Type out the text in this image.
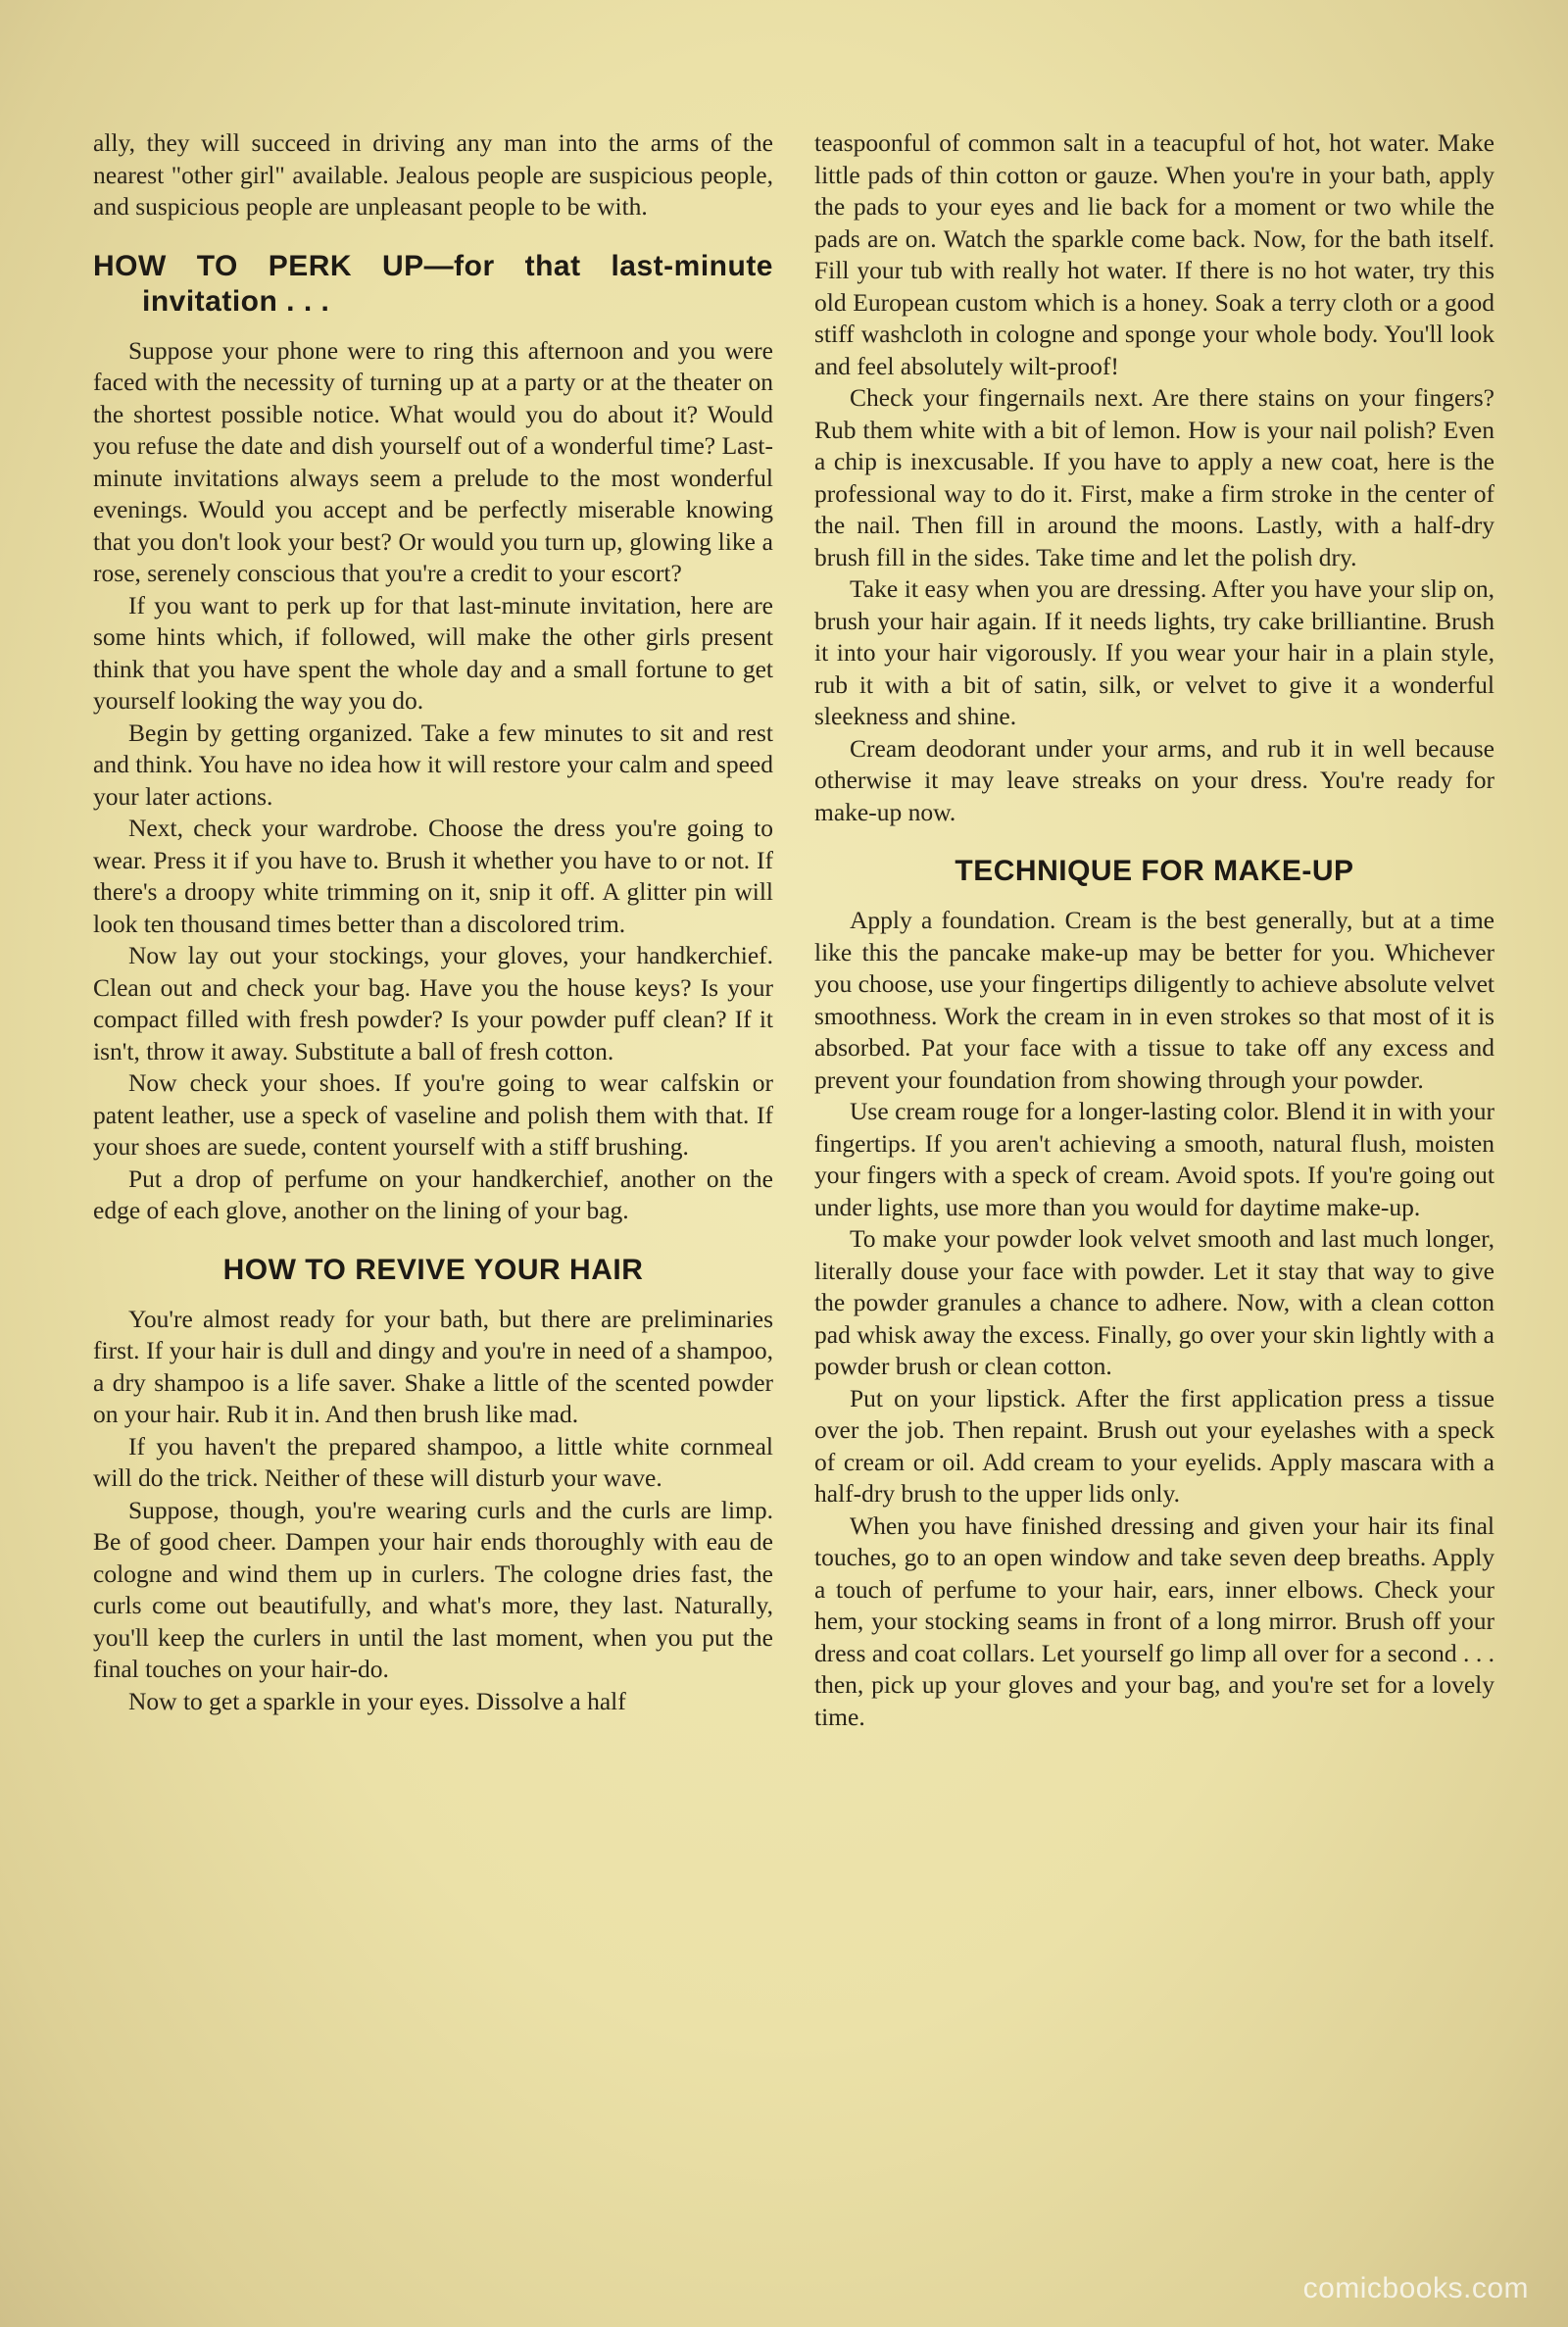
ally, they will succeed in driving any man into the arms of the nearest "other girl" available. Jealous people are suspicious people, and suspicious people are unpleasant people to be with.

HOW TO PERK UP—for that last-minute invitation . . .

Suppose your phone were to ring this afternoon and you were faced with the necessity of turning up at a party or at the theater on the shortest possible notice. What would you do about it? Would you refuse the date and dish yourself out of a wonderful time? Last-minute invitations always seem a prelude to the most wonderful evenings. Would you accept and be perfectly miserable knowing that you don't look your best? Or would you turn up, glowing like a rose, serenely conscious that you're a credit to your escort?

If you want to perk up for that last-minute invitation, here are some hints which, if followed, will make the other girls present think that you have spent the whole day and a small fortune to get yourself looking the way you do.

Begin by getting organized. Take a few minutes to sit and rest and think. You have no idea how it will restore your calm and speed your later actions.

Next, check your wardrobe. Choose the dress you're going to wear. Press it if you have to. Brush it whether you have to or not. If there's a droopy white trimming on it, snip it off. A glitter pin will look ten thousand times better than a discolored trim.

Now lay out your stockings, your gloves, your handkerchief. Clean out and check your bag. Have you the house keys? Is your compact filled with fresh powder? Is your powder puff clean? If it isn't, throw it away. Substitute a ball of fresh cotton.

Now check your shoes. If you're going to wear calfskin or patent leather, use a speck of vaseline and polish them with that. If your shoes are suede, content yourself with a stiff brushing.

Put a drop of perfume on your handkerchief, another on the edge of each glove, another on the lining of your bag.

HOW TO REVIVE YOUR HAIR

You're almost ready for your bath, but there are preliminaries first. If your hair is dull and dingy and you're in need of a shampoo, a dry shampoo is a life saver. Shake a little of the scented powder on your hair. Rub it in. And then brush like mad.

If you haven't the prepared shampoo, a little white cornmeal will do the trick. Neither of these will disturb your wave.

Suppose, though, you're wearing curls and the curls are limp. Be of good cheer. Dampen your hair ends thoroughly with eau de cologne and wind them up in curlers. The cologne dries fast, the curls come out beautifully, and what's more, they last. Naturally, you'll keep the curlers in until the last moment, when you put the final touches on your hair-do.

Now to get a sparkle in your eyes. Dissolve a half

teaspoonful of common salt in a teacupful of hot, hot water. Make little pads of thin cotton or gauze. When you're in your bath, apply the pads to your eyes and lie back for a moment or two while the pads are on. Watch the sparkle come back. Now, for the bath itself. Fill your tub with really hot water. If there is no hot water, try this old European custom which is a honey. Soak a terry cloth or a good stiff washcloth in cologne and sponge your whole body. You'll look and feel absolutely wilt-proof!

Check your fingernails next. Are there stains on your fingers? Rub them white with a bit of lemon. How is your nail polish? Even a chip is inexcusable. If you have to apply a new coat, here is the professional way to do it. First, make a firm stroke in the center of the nail. Then fill in around the moons. Lastly, with a half-dry brush fill in the sides. Take time and let the polish dry.

Take it easy when you are dressing. After you have your slip on, brush your hair again. If it needs lights, try cake brilliantine. Brush it into your hair vigorously. If you wear your hair in a plain style, rub it with a bit of satin, silk, or velvet to give it a wonderful sleekness and shine.

Cream deodorant under your arms, and rub it in well because otherwise it may leave streaks on your dress. You're ready for make-up now.

TECHNIQUE FOR MAKE-UP

Apply a foundation. Cream is the best generally, but at a time like this the pancake make-up may be better for you. Whichever you choose, use your fingertips diligently to achieve absolute velvet smoothness. Work the cream in in even strokes so that most of it is absorbed. Pat your face with a tissue to take off any excess and prevent your foundation from showing through your powder.

Use cream rouge for a longer-lasting color. Blend it in with your fingertips. If you aren't achieving a smooth, natural flush, moisten your fingers with a speck of cream. Avoid spots. If you're going out under lights, use more than you would for daytime make-up.

To make your powder look velvet smooth and last much longer, literally douse your face with powder. Let it stay that way to give the powder granules a chance to adhere. Now, with a clean cotton pad whisk away the excess. Finally, go over your skin lightly with a powder brush or clean cotton.

Put on your lipstick. After the first application press a tissue over the job. Then repaint. Brush out your eyelashes with a speck of cream or oil. Add cream to your eyelids. Apply mascara with a half-dry brush to the upper lids only.

When you have finished dressing and given your hair its final touches, go to an open window and take seven deep breaths. Apply a touch of perfume to your hair, ears, inner elbows. Check your hem, your stocking seams in front of a long mirror. Brush off your dress and coat collars. Let yourself go limp all over for a second . . . then, pick up your gloves and your bag, and you're set for a lovely time.

comicbooks.com
